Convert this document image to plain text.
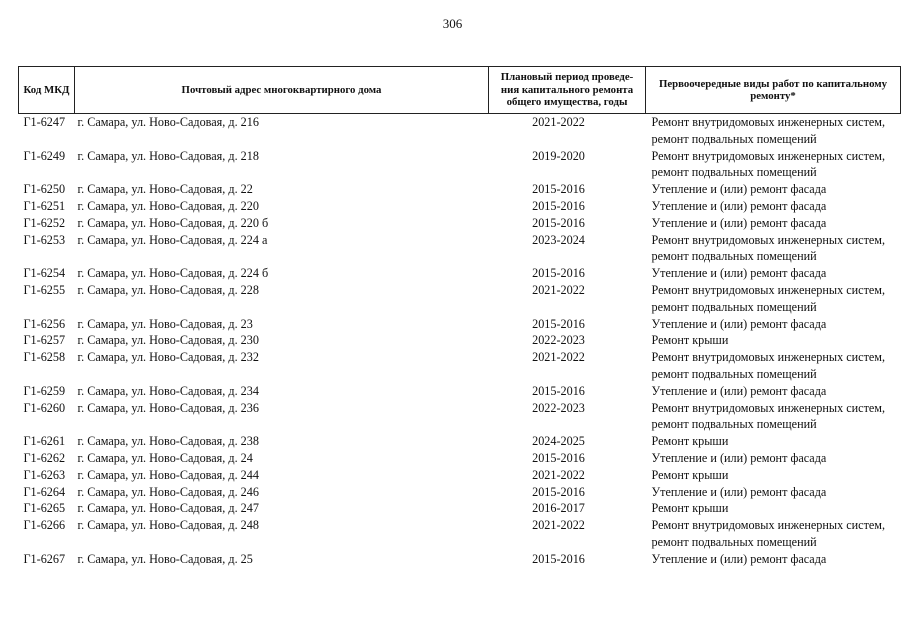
306
Код МКД	Почтовый адрес многоквартирного дома	Плановый период проведе-ния капитального ремонта общего имущества, годы	Первоочередные виды работ по капитальному ремонту*
Г1-6247	г. Самара, ул. Ново-Садовая, д. 216	2021-2022	Ремонт внутридомовых инженерных систем,
ремонт подвальных помещений

Г1-6249	г. Самара, ул. Ново-Садовая, д. 218	2019-2020	Ремонт внутридомовых инженерных систем,
ремонт подвальных помещений

Г1-6250	г. Самара, ул. Ново-Садовая, д. 22	2015-2016	Утепление и (или) ремонт фасада

Г1-6251	г. Самара, ул. Ново-Садовая, д. 220	2015-2016	Утепление и (или) ремонт фасада

Г1-6252	г. Самара, ул. Ново-Садовая, д. 220 б	2015-2016	Утепление и (или) ремонт фасада

Г1-6253	г. Самара, ул. Ново-Садовая, д. 224 а	2023-2024	Ремонт внутридомовых инженерных систем,
ремонт подвальных помещений

Г1-6254	г. Самара, ул. Ново-Садовая, д. 224 б	2015-2016	Утепление и (или) ремонт фасада

Г1-6255	г. Самара, ул. Ново-Садовая, д. 228	2021-2022	Ремонт внутридомовых инженерных систем,
ремонт подвальных помещений

Г1-6256	г. Самара, ул. Ново-Садовая, д. 23	2015-2016	Утепление и (или) ремонт фасада

Г1-6257	г. Самара, ул. Ново-Садовая, д. 230	2022-2023	Ремонт крыши

Г1-6258	г. Самара, ул. Ново-Садовая, д. 232	2021-2022	Ремонт внутридомовых инженерных систем,
ремонт подвальных помещений

Г1-6259	г. Самара, ул. Ново-Садовая, д. 234	2015-2016	Утепление и (или) ремонт фасада

Г1-6260	г. Самара, ул. Ново-Садовая, д. 236	2022-2023	Ремонт внутридомовых инженерных систем,
ремонт подвальных помещений

Г1-6261	г. Самара, ул. Ново-Садовая, д. 238	2024-2025	Ремонт крыши

Г1-6262	г. Самара, ул. Ново-Садовая, д. 24	2015-2016	Утепление и (или) ремонт фасада

Г1-6263	г. Самара, ул. Ново-Садовая, д. 244	2021-2022	Ремонт крыши

Г1-6264	г. Самара, ул. Ново-Садовая, д. 246	2015-2016	Утепление и (или) ремонт фасада

Г1-6265	г. Самара, ул. Ново-Садовая, д. 247	2016-2017	Ремонт крыши

Г1-6266	г. Самара, ул. Ново-Садовая, д. 248	2021-2022	Ремонт внутридомовых инженерных систем,
ремонт подвальных помещений

Г1-6267	г. Самара, ул. Ново-Садовая, д. 25	2015-2016	Утепление и (или) ремонт фасада
